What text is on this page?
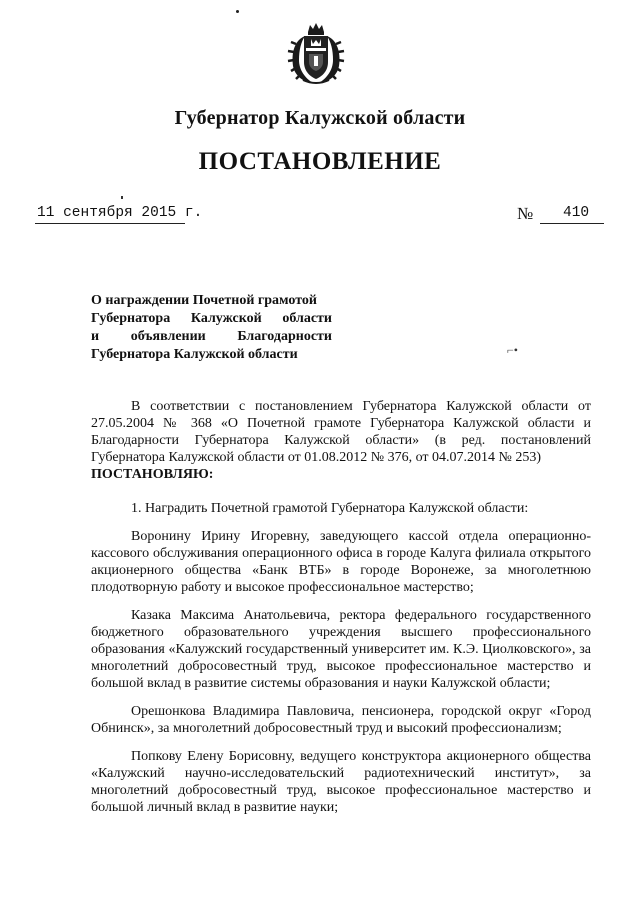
Губернатор Калужской области
ПОСТАНОВЛЕНИЕ
11 сентября 2015 г.	№ 410
О награждении Почетной грамотой
Губернатора Калужской области
и объявлении Благодарности
Губернатора Калужской области	⌐•

В соответствии с постановлением Губернатора Калужской области от 27.05.2004 № 368 «О Почетной грамоте Губернатора Калужской области и Благодарности Губернатора Калужской области» (в ред. постановлений Губернатора Калужской области от 01.08.2012 № 376, от 04.07.2014 № 253)

ПОСТАНОВЛЯЮ:

1. Наградить Почетной грамотой Губернатора Калужской области:

Воронину Ирину Игоревну, заведующего кассой отдела операционно-кассового обслуживания операционного офиса в городе Калуга филиала открытого акционерного общества «Банк ВТБ» в городе Воронеже, за многолетнюю плодотворную работу и высокое профессиональное мастерство;

Казака Максима Анатольевича, ректора федерального государственного бюджетного образовательного учреждения высшего профессионального образования «Калужский государственный университет им. К.Э. Циолковского», за многолетний добросовестный труд, высокое профессиональное мастерство и большой вклад в развитие системы образования и науки Калужской области;

Орешонкова Владимира Павловича, пенсионера, городской округ «Город Обнинск», за многолетний добросовестный труд и высокий профессионализм;

Попкову Елену Борисовну, ведущего конструктора акционерного общества «Калужский научно-исследовательский радиотехнический институт», за многолетний добросовестный труд, высокое профессиональное мастерство и большой личный вклад в развитие науки;
